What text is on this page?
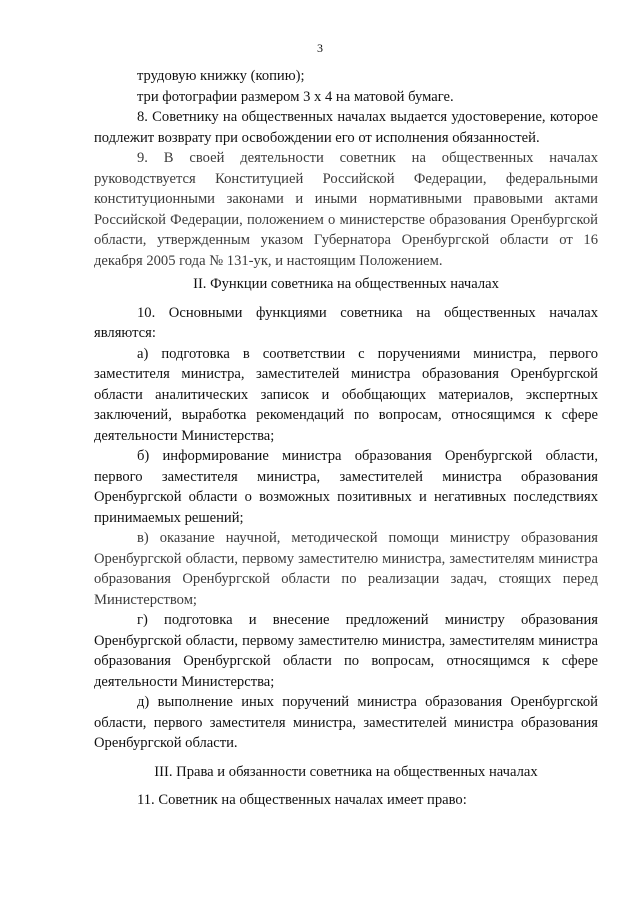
3

трудовую книжку (копию);

три фотографии размером 3 х 4 на матовой бумаге.

8. Советнику на общественных началах выдается удостоверение, которое подлежит возврату при освобождении его от исполнения обязанностей.

9. В своей деятельности советник на общественных началах руководствуется Конституцией Российской Федерации, федеральными конституционными законами и иными нормативными правовыми актами Российской Федерации, положением о министерстве образования Оренбургской области, утвержденным указом Губернатора Оренбургской области от 16 декабря 2005 года № 131-ук, и настоящим Положением.

II. Функции советника на общественных началах

10. Основными функциями советника на общественных началах являются:

а) подготовка в соответствии с поручениями министра, первого заместителя министра, заместителей министра образования Оренбургской области аналитических записок и обобщающих материалов, экспертных заключений, выработка рекомендаций по вопросам, относящимся к сфере деятельности Министерства;

б) информирование министра образования Оренбургской области, первого заместителя министра, заместителей министра образования Оренбургской области о возможных позитивных и негативных последствиях принимаемых решений;

в) оказание научной, методической помощи министру образования Оренбургской области, первому заместителю министра, заместителям министра образования Оренбургской области по реализации задач, стоящих перед Министерством;

г) подготовка и внесение предложений министру образования Оренбургской области, первому заместителю министра, заместителям министра образования Оренбургской области по вопросам, относящимся к сфере деятельности Министерства;

д) выполнение иных поручений министра образования Оренбургской области, первого заместителя министра, заместителей министра образования Оренбургской области.

III. Права и обязанности советника на общественных началах

11. Советник на общественных началах имеет право:
